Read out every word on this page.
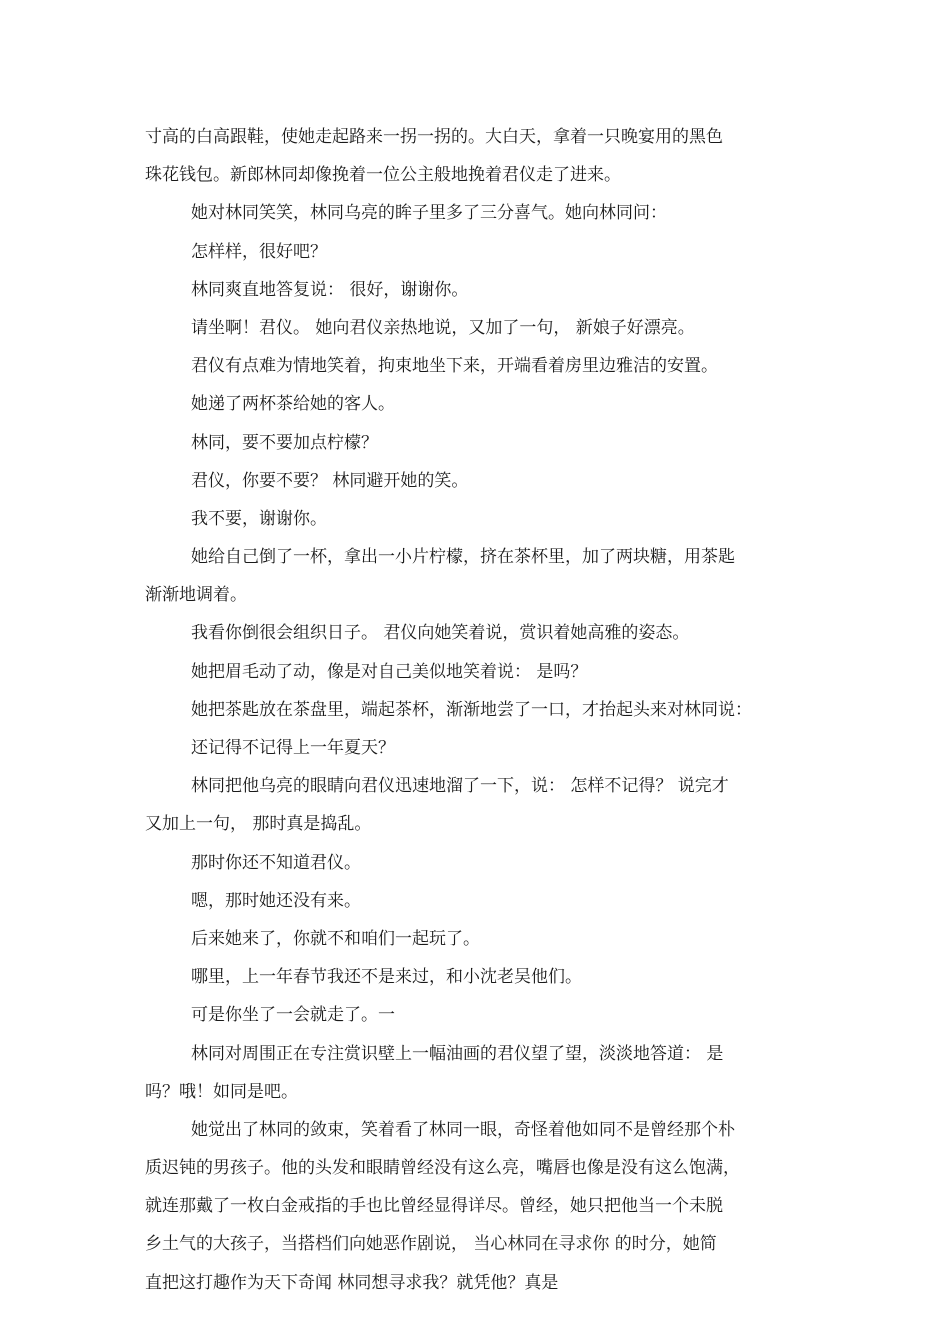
寸高的白高跟鞋，使她走起路来一拐一拐的。大白天，拿着一只晚宴用的黑色
珠花钱包。新郎林同却像挽着一位公主般地挽着君仪走了进来。
她对林同笑笑，林同乌亮的眸子里多了三分喜气。她向林同问：
怎样样，很好吧？
林同爽直地答复说： 很好，谢谢你。
请坐啊！君仪。 她向君仪亲热地说，又加了一句， 新娘子好漂亮。
君仪有点难为情地笑着，拘束地坐下来，开端看着房里边雅洁的安置。
她递了两杯茶给她的客人。
林同，要不要加点柠檬？
君仪，你要不要？ 林同避开她的笑。
我不要，谢谢你。
她给自己倒了一杯，拿出一小片柠檬，挤在茶杯里，加了两块糖，用茶匙
渐渐地调着。
我看你倒很会组织日子。 君仪向她笑着说，赏识着她高雅的姿态。
她把眉毛动了动，像是对自己美似地笑着说： 是吗？
她把茶匙放在茶盘里，端起茶杯，渐渐地尝了一口，才抬起头来对林同说：
还记得不记得上一年夏天？
林同把他乌亮的眼睛向君仪迅速地溜了一下，说： 怎样不记得？ 说完才
又加上一句， 那时真是捣乱。
那时你还不知道君仪。
嗯，那时她还没有来。
后来她来了，你就不和咱们一起玩了。
哪里，上一年春节我还不是来过，和小沈老吴他们。
可是你坐了一会就走了。一
林同对周围正在专注赏识壁上一幅油画的君仪望了望，淡淡地答道： 是
吗？哦！如同是吧。
她觉出了林同的敛束，笑着看了林同一眼，奇怪着他如同不是曾经那个朴
质迟钝的男孩子。他的头发和眼睛曾经没有这么亮，嘴唇也像是没有这么饱满，
就连那戴了一枚白金戒指的手也比曾经显得详尽。曾经，她只把他当一个未脱
乡土气的大孩子，当搭档们向她恶作剧说， 当心林同在寻求你 的时分，她简
直把这打趣作为天下奇闻 林同想寻求我？就凭他？真是
